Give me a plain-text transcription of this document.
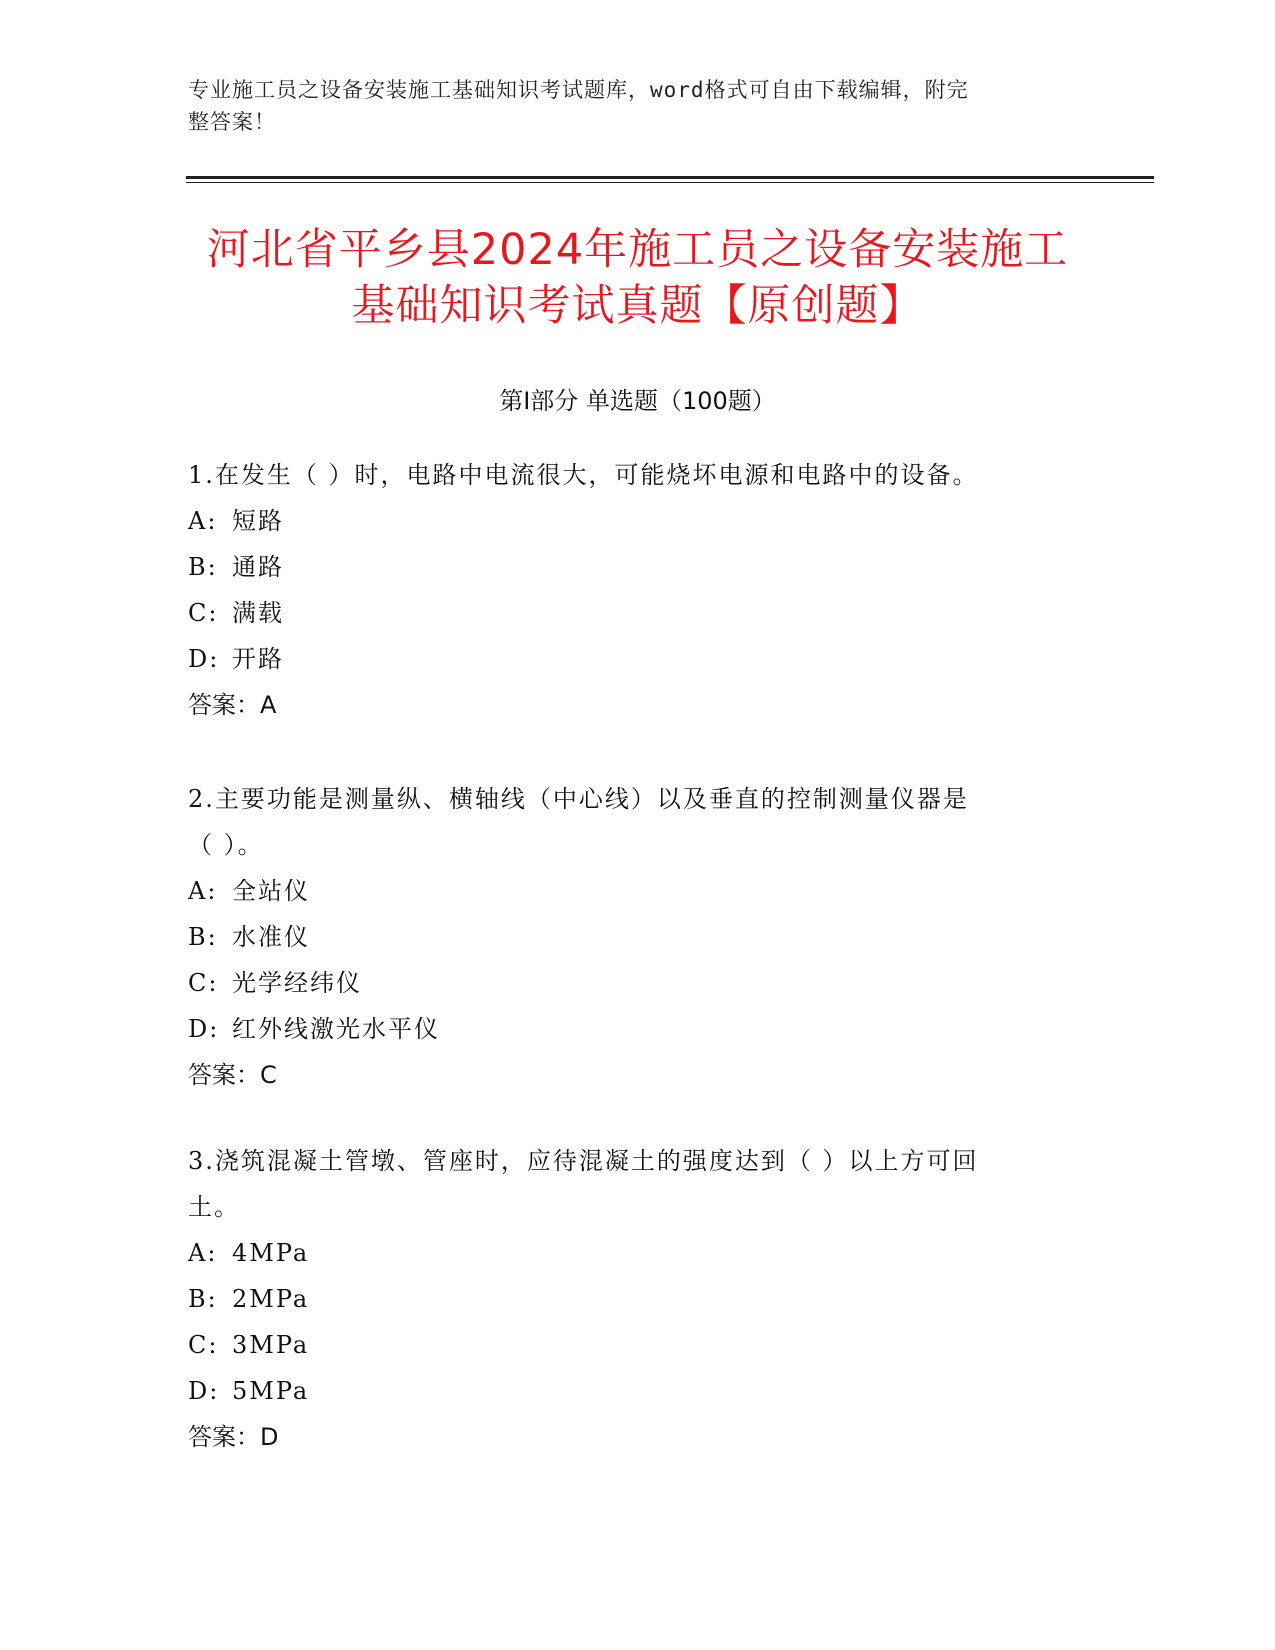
专业施工员之设备安装施工基础知识考试题库，word格式可自由下载编辑，附完
整答案！
河北省平乡县2024年施工员之设备安装施工
基础知识考试真题【原创题】
第Ⅰ部分 单选题（100题）
1.在发生（ ）时，电路中电流很大，可能烧坏电源和电路中的设备。
A: 短路
B: 通路
C: 满载
D: 开路
答案：A
2.主要功能是测量纵、横轴线（中心线）以及垂直的控制测量仪器是
（ ）。
A: 全站仪
B: 水准仪
C: 光学经纬仪
D: 红外线激光水平仪
答案：C
3.浇筑混凝土管墩、管座时，应待混凝土的强度达到（ ）以上方可回
土。
A: 4MPa
B: 2MPa
C: 3MPa
D: 5MPa
答案：D
